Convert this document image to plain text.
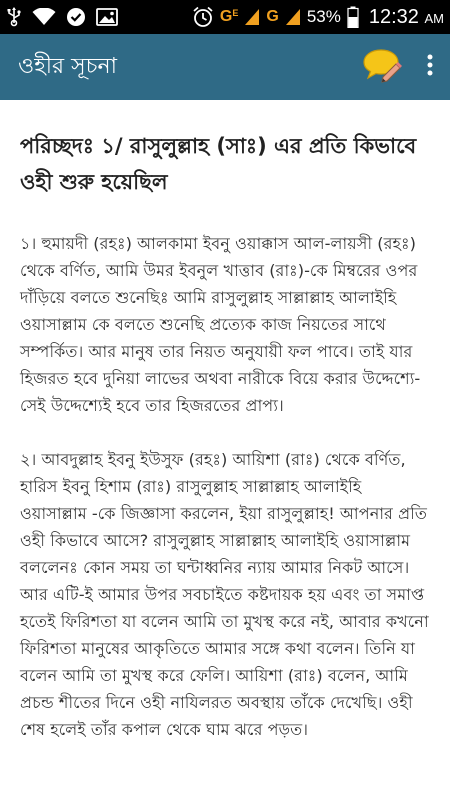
$G^E$ G 53% 12:32 AM
ওহীর সূচনা
পরিচ্ছদঃ ১/ রাসুলুল্লাহ (সাঃ) এর প্রতি কিভাবে ওহী শুরু হয়েছিল

১। হুমায়দী (রহঃ) আলকামা ইবনু ওয়াক্কাস আল-লায়সী (রহঃ) থেকে বর্ণিত, আমি উমর ইবনুল খাত্তাব (রাঃ)-কে মিম্বরের ওপর দাঁড়িয়ে বলতে শুনেছিঃ আমি রাসুলুল্লাহ সাল্লাল্লাহ আলাইহি ওয়াসাল্লাম কে বলতে শুনেছি প্রত্যেক কাজ নিয়তের সাথে সম্পর্কিত। আর মানুষ তার নিয়ত অনুযায়ী ফল পাবে। তাই যার হিজরত হবে দুনিয়া লাভের অথবা নারীকে বিয়ে করার উদ্দেশ্যে- সেই উদ্দেশ্যেই হবে তার হিজরতের প্রাপ্য।

২। আবদুল্লাহ ইবনু ইউসুফ (রহঃ) আয়িশা (রাঃ) থেকে বর্ণিত, হারিস ইবনু হিশাম (রাঃ) রাসুলুল্লাহ সাল্লাল্লাহ আলাইহি ওয়াসাল্লাম -কে জিজ্ঞাসা করলেন, ইয়া রাসুলুল্লাহ! আপনার প্রতি ওহী কিভাবে আসে? রাসুলুল্লাহ সাল্লাল্লাহ আলাইহি ওয়াসাল্লাম বললেনঃ কোন সময় তা ঘন্টাধ্বনির ন্যায় আমার নিকট আসে। আর এটি-ই আমার উপর সবচাইতে কষ্টদায়ক হয় এবং তা সমাপ্ত হতেই ফিরিশতা যা বলেন আমি তা মুখস্থ করে নই, আবার কখনো ফিরিশতা মানুষের আকৃতিতে আমার সঙ্গে কথা বলেন। তিনি যা বলেন আমি তা মুখস্থ করে ফেলি। আয়িশা (রাঃ) বলেন, আমি প্রচন্ড শীতের দিনে ওহী নাযিলরত অবস্থায় তাঁকে দেখেছি। ওহী শেষ হলেই তাঁর কপাল থেকে ঘাম ঝরে পড়ত।
